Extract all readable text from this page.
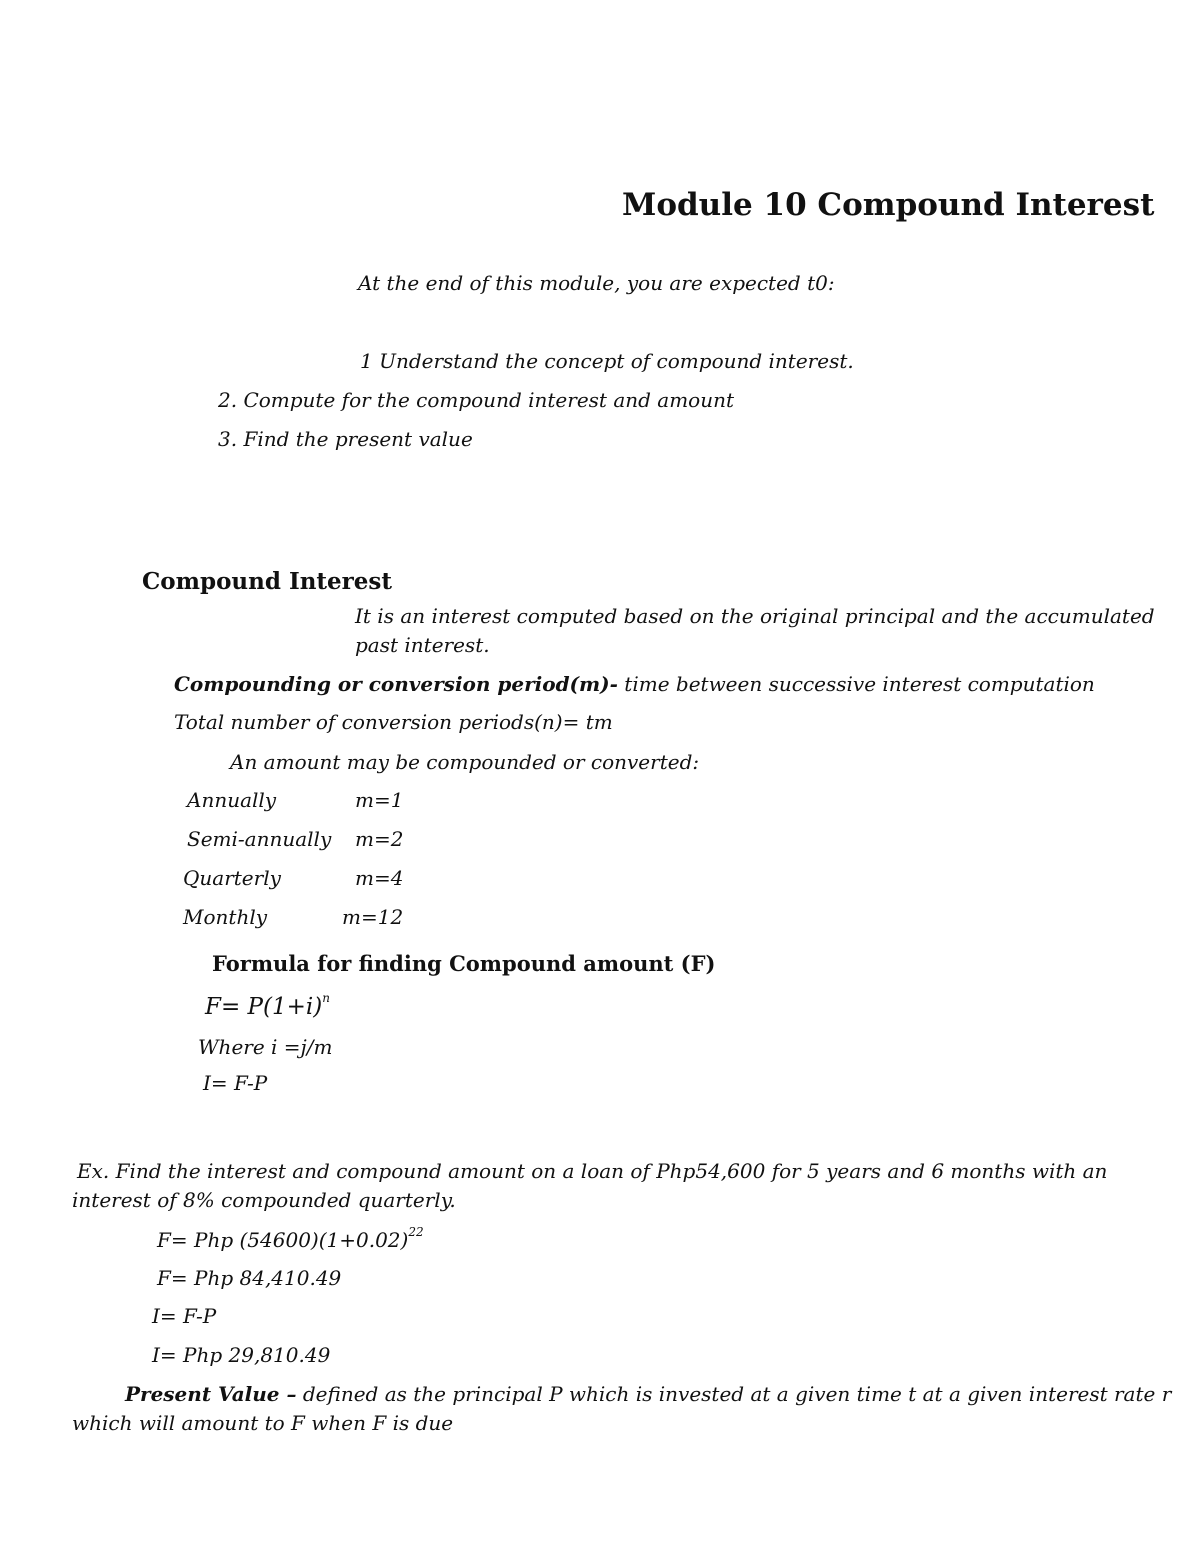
Module 10 Compound Interest
At the end of this module, you are expected t0:
1 Understand the concept of compound interest.
2. Compute for the compound interest and amount
3. Find the present value
Compound Interest
It is an interest computed based on the original principal and the accumulated
past interest.
Compounding or conversion period(m)- time between successive interest computation
Total number of conversion periods(n)= tm
An amount may be compounded or converted:
Annually	m=1
Semi-annually m=2
Quarterly	m=4
Monthly	m=12
Formula for finding Compound amount (F)
$F= P(1+i)^n$
Where i =j/m
I= F-P
Ex. Find the interest and compound amount on a loan of Php54,600 for 5 years and 6 months with an
interest of 8% compounded quarterly.
F= Php $(54600)(1+0.02)^{22}$
F= Php 84,410.49
I= F-P
I= Php 29,810.49
Present Value – defined as the principal P which is invested at a given time t at a given interest rate r
which will amount to F when F is due
